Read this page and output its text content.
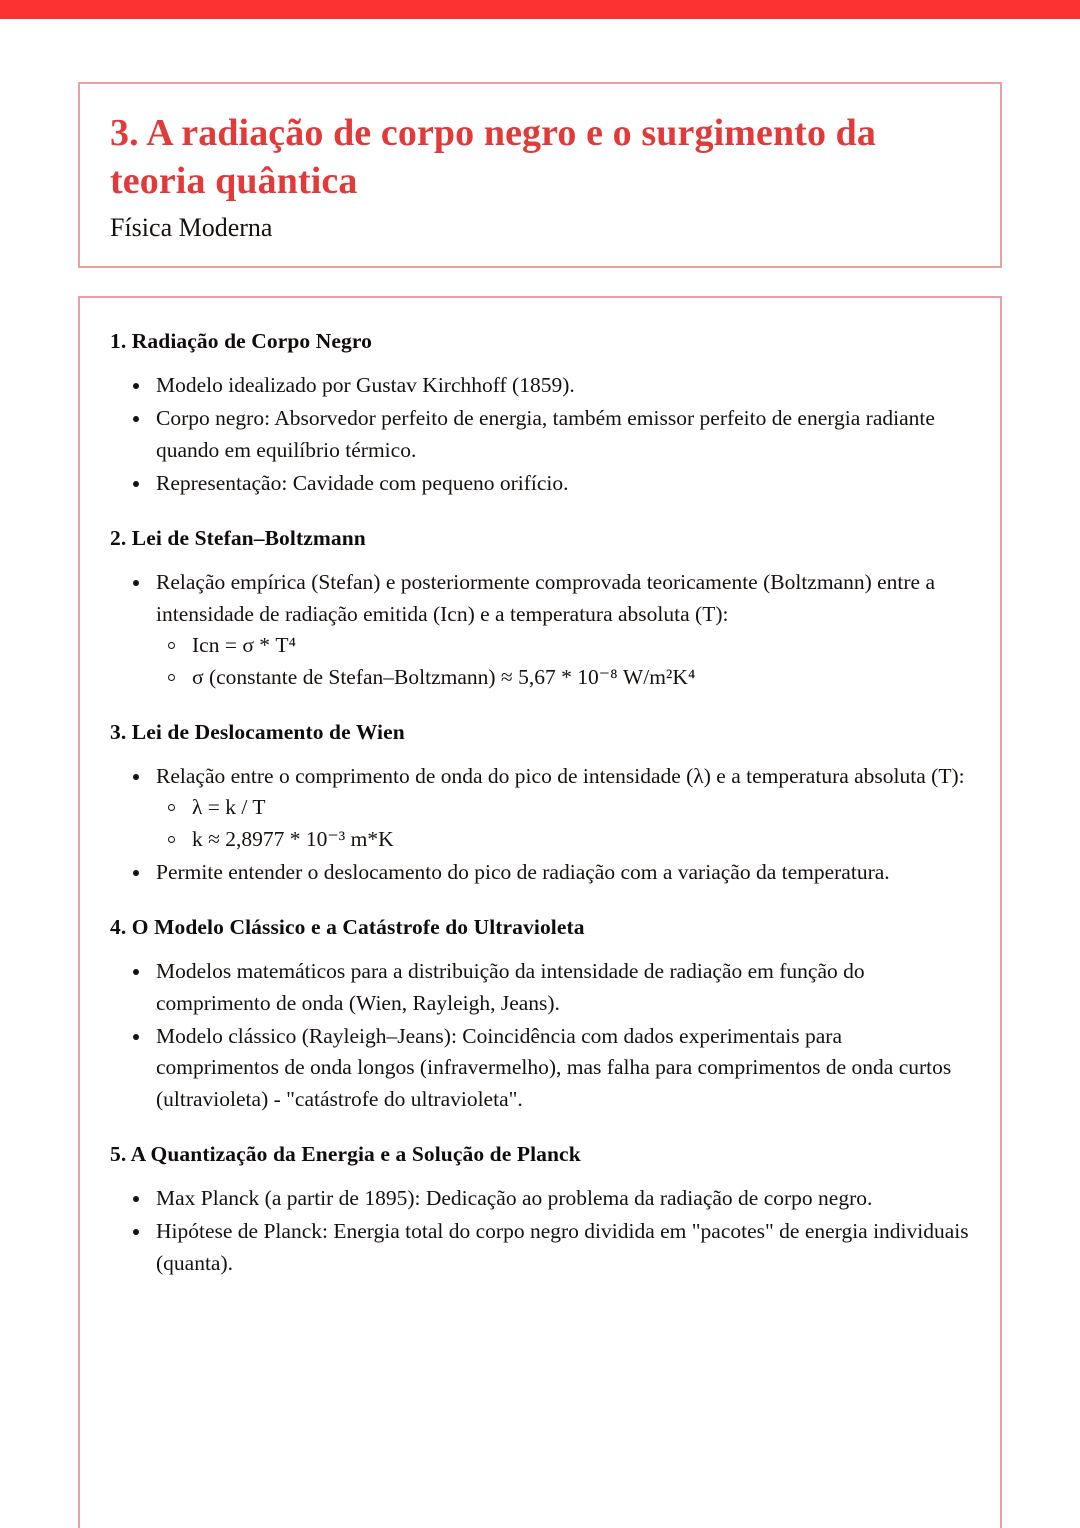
3. A radiação de corpo negro e o surgimento da teoria quântica

Física Moderna

1. Radiação de Corpo Negro
Modelo idealizado por Gustav Kirchhoff (1859).
Corpo negro: Absorvedor perfeito de energia, também emissor perfeito de energia radiante quando em equilíbrio térmico.
Representação: Cavidade com pequeno orifício.
2. Lei de Stefan–Boltzmann
Relação empírica (Stefan) e posteriormente comprovada teoricamente (Boltzmann) entre a intensidade de radiação emitida (Icn) e a temperatura absoluta (T):
Icn = σ * T⁴
σ (constante de Stefan–Boltzmann) ≈ 5,67 * 10⁻⁸ W/m²K⁴
3. Lei de Deslocamento de Wien
Relação entre o comprimento de onda do pico de intensidade (λ) e a temperatura absoluta (T):
λ = k / T
k ≈ 2,8977 * 10⁻³ m*K
Permite entender o deslocamento do pico de radiação com a variação da temperatura.
4. O Modelo Clássico e a Catástrofe do Ultravioleta
Modelos matemáticos para a distribuição da intensidade de radiação em função do comprimento de onda (Wien, Rayleigh, Jeans).
Modelo clássico (Rayleigh–Jeans): Coincidência com dados experimentais para comprimentos de onda longos (infravermelho), mas falha para comprimentos de onda curtos (ultravioleta) - "catástrofe do ultravioleta".
5. A Quantização da Energia e a Solução de Planck
Max Planck (a partir de 1895): Dedicação ao problema da radiação de corpo negro.
Hipótese de Planck: Energia total do corpo negro dividida em "pacotes" de energia individuais (quanta).
